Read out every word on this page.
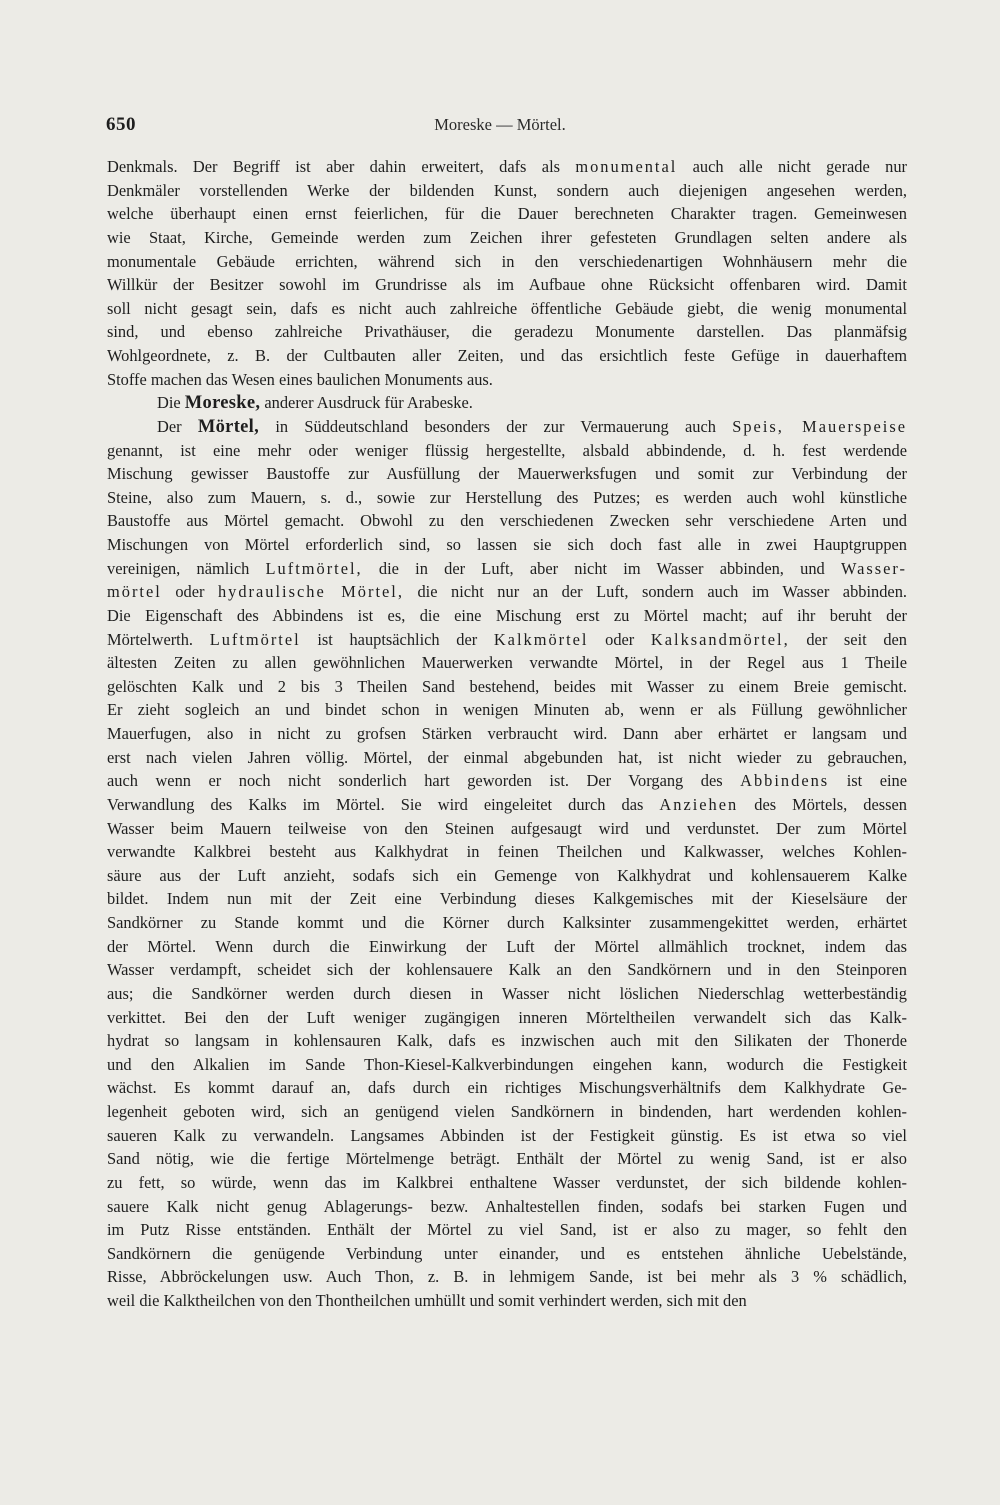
650	Moreske — Mörtel.
Denkmals. Der Begriff ist aber dahin erweitert, dafs als monumental auch alle nicht gerade nur
Denkmäler vorstellenden Werke der bildenden Kunst, sondern auch diejenigen angesehen werden,
welche überhaupt einen ernst feierlichen, für die Dauer berechneten Charakter tragen. Gemeinwesen
wie Staat, Kirche, Gemeinde werden zum Zeichen ihrer gefesteten Grundlagen selten andere als
monumentale Gebäude errichten, während sich in den verschiedenartigen Wohnhäusern mehr die
Willkür der Besitzer sowohl im Grundrisse als im Aufbaue ohne Rücksicht offenbaren wird. Damit
soll nicht gesagt sein, dafs es nicht auch zahlreiche öffentliche Gebäude giebt, die wenig monumental
sind, und ebenso zahlreiche Privathäuser, die geradezu Monumente darstellen. Das planmäfsig
Wohlgeordnete, z. B. der Cultbauten aller Zeiten, und das ersichtlich feste Gefüge in dauerhaftem
Stoffe machen das Wesen eines baulichen Monuments aus.
Die Moreske, anderer Ausdruck für Arabeske.
Der Mörtel, in Süddeutschland besonders der zur Vermauerung auch Speis, Mauerspeise
genannt, ist eine mehr oder weniger flüssig hergestellte, alsbald abbindende, d. h. fest werdende
Mischung gewisser Baustoffe zur Ausfüllung der Mauerwerksfugen und somit zur Verbindung der
Steine, also zum Mauern, s. d., sowie zur Herstellung des Putzes; es werden auch wohl künstliche
Baustoffe aus Mörtel gemacht. Obwohl zu den verschiedenen Zwecken sehr verschiedene Arten und
Mischungen von Mörtel erforderlich sind, so lassen sie sich doch fast alle in zwei Hauptgruppen
vereinigen, nämlich Luftmörtel, die in der Luft, aber nicht im Wasser abbinden, und Wasser-
mörtel oder hydraulische Mörtel, die nicht nur an der Luft, sondern auch im Wasser abbinden.
Die Eigenschaft des Abbindens ist es, die eine Mischung erst zu Mörtel macht; auf ihr beruht der
Mörtelwerth. Luftmörtel ist hauptsächlich der Kalkmörtel oder Kalksandmörtel, der seit den
ältesten Zeiten zu allen gewöhnlichen Mauerwerken verwandte Mörtel, in der Regel aus 1 Theile
gelöschten Kalk und 2 bis 3 Theilen Sand bestehend, beides mit Wasser zu einem Breie gemischt.
Er zieht sogleich an und bindet schon in wenigen Minuten ab, wenn er als Füllung gewöhnlicher
Mauerfugen, also in nicht zu grofsen Stärken verbraucht wird. Dann aber erhärtet er langsam und
erst nach vielen Jahren völlig. Mörtel, der einmal abgebunden hat, ist nicht wieder zu gebrauchen,
auch wenn er noch nicht sonderlich hart geworden ist. Der Vorgang des Abbindens ist eine
Verwandlung des Kalks im Mörtel. Sie wird eingeleitet durch das Anziehen des Mörtels, dessen
Wasser beim Mauern teilweise von den Steinen aufgesaugt wird und verdunstet. Der zum Mörtel
verwandte Kalkbrei besteht aus Kalkhydrat in feinen Theilchen und Kalkwasser, welches Kohlen-
säure aus der Luft anzieht, sodafs sich ein Gemenge von Kalkhydrat und kohlensauerem Kalke
bildet. Indem nun mit der Zeit eine Verbindung dieses Kalkgemisches mit der Kieselsäure der
Sandkörner zu Stande kommt und die Körner durch Kalksinter zusammengekittet werden, erhärtet
der Mörtel. Wenn durch die Einwirkung der Luft der Mörtel allmählich trocknet, indem das
Wasser verdampft, scheidet sich der kohlensauere Kalk an den Sandkörnern und in den Steinporen
aus; die Sandkörner werden durch diesen in Wasser nicht löslichen Niederschlag wetterbeständig
verkittet. Bei den der Luft weniger zugängigen inneren Mörteltheilen verwandelt sich das Kalk-
hydrat so langsam in kohlensauren Kalk, dafs es inzwischen auch mit den Silikaten der Thonerde
und den Alkalien im Sande Thon-Kiesel-Kalkverbindungen eingehen kann, wodurch die Festigkeit
wächst. Es kommt darauf an, dafs durch ein richtiges Mischungsverhältnifs dem Kalkhydrate Ge-
legenheit geboten wird, sich an genügend vielen Sandkörnern in bindenden, hart werdenden kohlen-
saueren Kalk zu verwandeln. Langsames Abbinden ist der Festigkeit günstig. Es ist etwa so viel
Sand nötig, wie die fertige Mörtelmenge beträgt. Enthält der Mörtel zu wenig Sand, ist er also
zu fett, so würde, wenn das im Kalkbrei enthaltene Wasser verdunstet, der sich bildende kohlen-
sauere Kalk nicht genug Ablagerungs- bezw. Anhaltestellen finden, sodafs bei starken Fugen und
im Putz Risse entständen. Enthält der Mörtel zu viel Sand, ist er also zu mager, so fehlt den
Sandkörnern die genügende Verbindung unter einander, und es entstehen ähnliche Uebelstände,
Risse, Abbröckelungen usw. Auch Thon, z. B. in lehmigem Sande, ist bei mehr als 3 % schädlich,
weil die Kalktheilchen von den Thontheilchen umhüllt und somit verhindert werden, sich mit den
